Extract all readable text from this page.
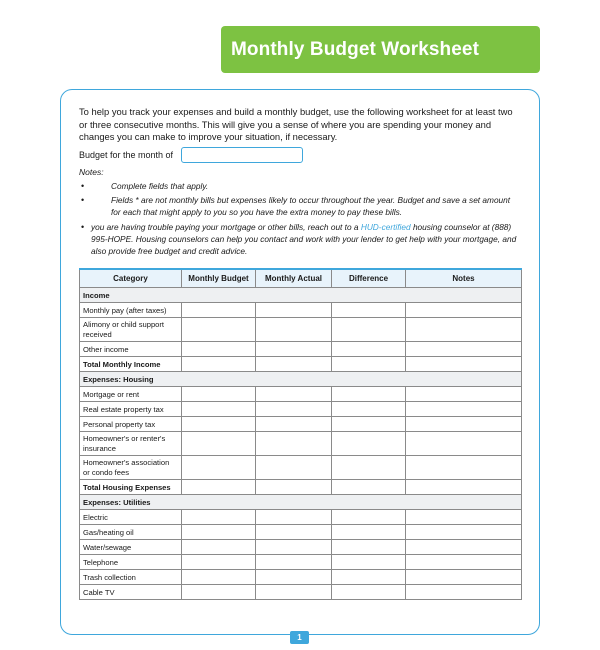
Monthly Budget Worksheet

To help you track your expenses and build a monthly budget, use the following worksheet for at least two or three consecutive months. This will give you a sense of where you are spending your money and changes you can make to improve your situation, if necessary.

Budget for the month of
Notes:
•	Complete fields that apply.
•	Fields * are not monthly bills but expenses likely to occur throughout the year. Budget and save a set amount for each that might apply to you so you have the extra money to pay these bills.
• you are having trouble paying your mortgage or other bills, reach out to a HUD-certified housing counselor at (888) 995-HOPE. Housing counselors can help you contact and work with your lender to get help with your mortgage, and also provide free budget and credit advice.
Category	Monthly Budget	Monthly Actual	Difference	Notes
Income				
Monthly pay (after taxes)				
Alimony or child support received				
Other income				
Total Monthly Income				
Expenses: Housing				
Mortgage or rent				
Real estate property tax				
Personal property tax				
Homeowner's or renter's insurance				
Homeowner's association or condo fees				
Total Housing Expenses				
Expenses: Utilities				
Electric				
Gas/heating oil				
Water/sewage				
Telephone				
Trash collection				
Cable TV				
1
